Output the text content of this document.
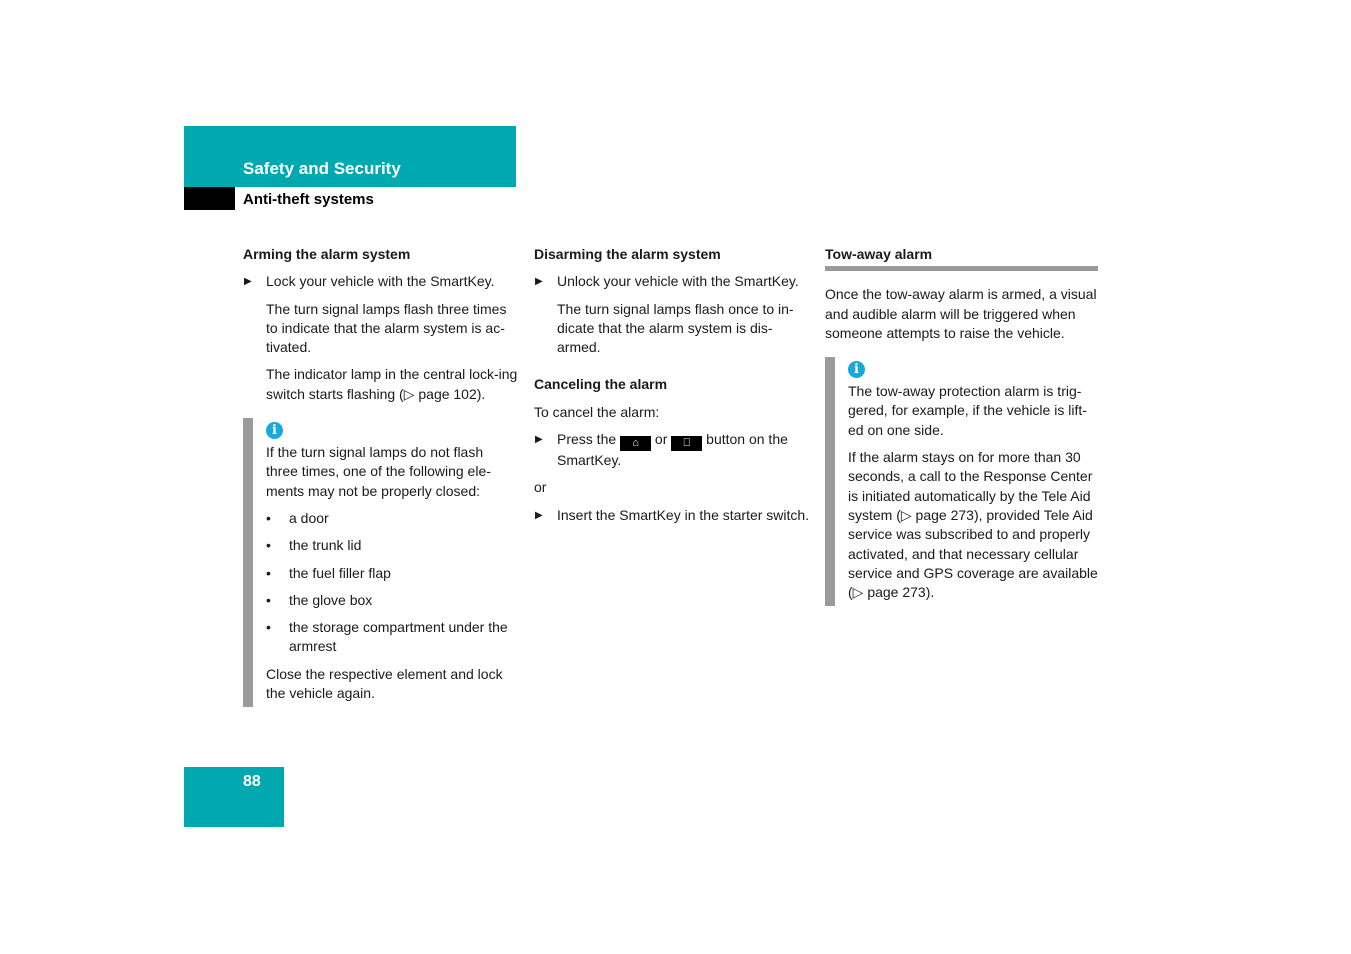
Safety and Security
Anti-theft systems
Arming the alarm system
▶ Lock your vehicle with the SmartKey.

The turn signal lamps flash three times to indicate that the alarm system is ac-tivated.

The indicator lamp in the central lock-ing switch starts flashing (▷ page 102).

i

If the turn signal lamps do not flash three times, one of the following ele-ments may not be properly closed:

• a door
• the trunk lid
• the fuel filler flap
• the glove box
• the storage compartment under the armrest

Close the respective element and lock the vehicle again.

Disarming the alarm system
▶ Unlock your vehicle with the SmartKey.

The turn signal lamps flash once to in-dicate that the alarm system is dis-armed.

Canceling the alarm

To cancel the alarm:

▶ Press the ⌂ or ⎕ button on the SmartKey.

or

▶ Insert the SmartKey in the starter switch.
Tow-away alarm

Once the tow-away alarm is armed, a visual and audible alarm will be triggered when someone attempts to raise the vehicle.

i

The tow-away protection alarm is trig-gered, for example, if the vehicle is lift-ed on one side.

If the alarm stays on for more than 30 seconds, a call to the Response Center is initiated automatically by the Tele Aid system (▷ page 273), provided Tele Aid service was subscribed to and properly activated, and that necessary cellular service and GPS coverage are available (▷ page 273).

88
